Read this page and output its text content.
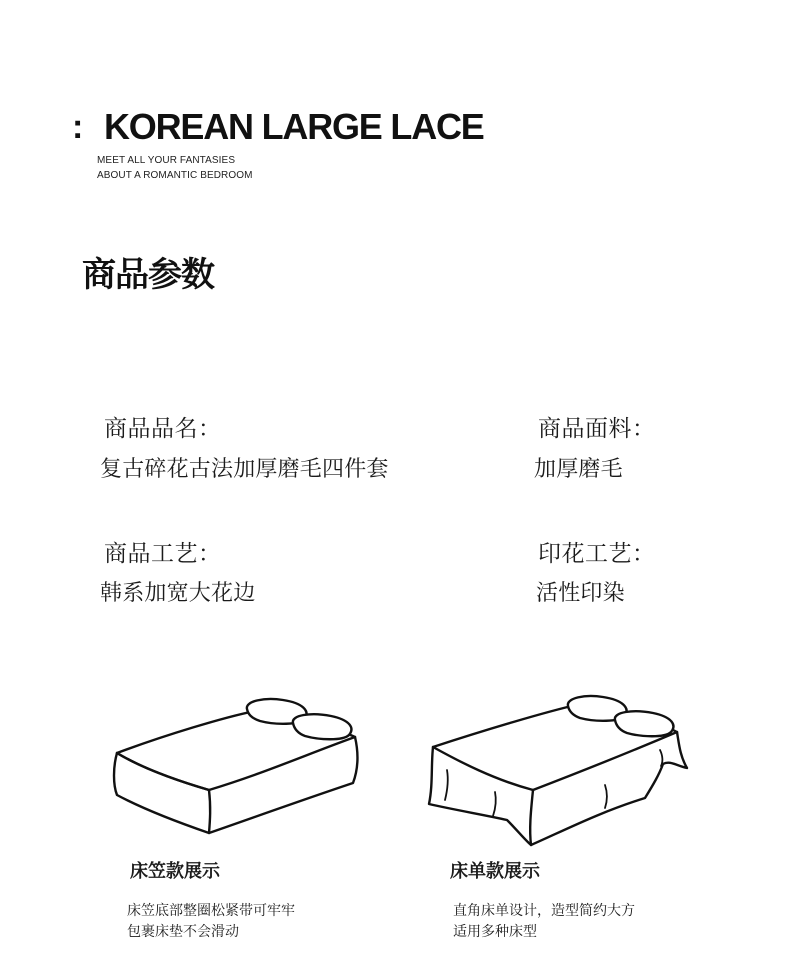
: KOREAN LARGE LACE
MEET ALL YOUR FANTASIES
ABOUT A ROMANTIC BEDROOM
商品参数
商品品名：
复古碎花古法加厚磨毛四件套
商品面料：
加厚磨毛
商品工艺：
韩系加宽大花边
印花工艺：
活性印染
床笠款展示
床笠底部整圈松紧带可牢牢
包裹床垫不会滑动
床单款展示
直角床单设计，造型简约大方
适用多种床型
